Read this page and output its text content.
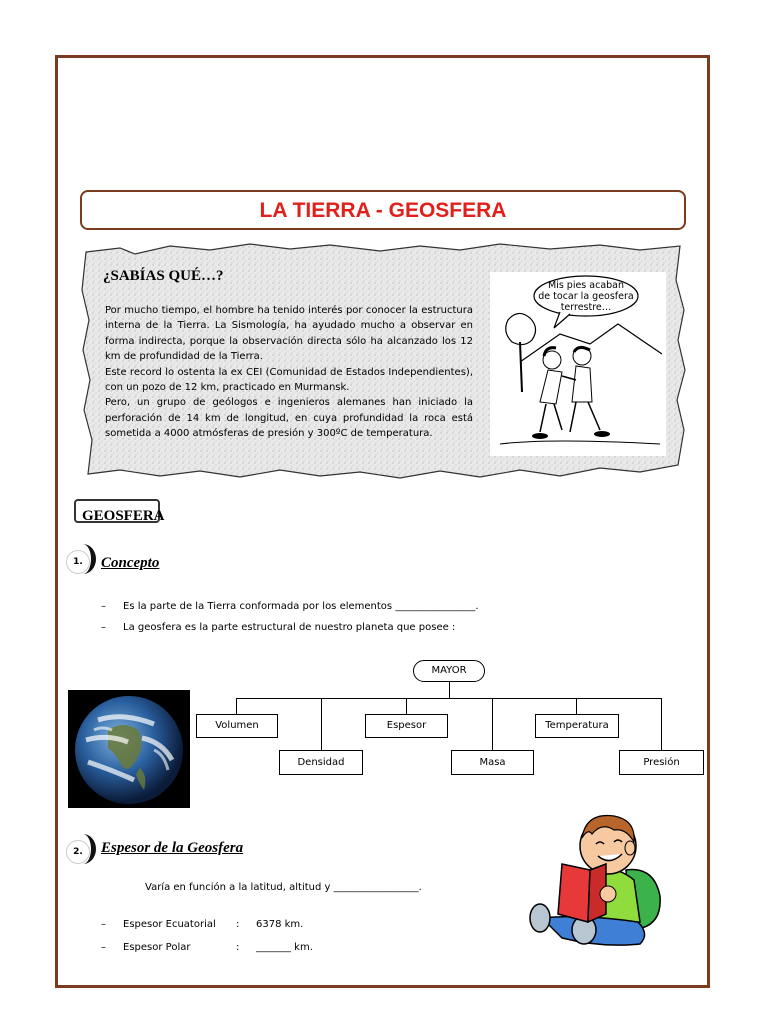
LA TIERRA - GEOSFERA
¿SABÍAS QUÉ…?

Por mucho tiempo, el hombre ha tenido interés por conocer la estructura interna de la Tierra. La Sismología, ha ayudado mucho a observar en forma indirecta, porque la observación directa sólo ha alcanzado los 12 km de profundidad de la Tierra.

Este record lo ostenta la ex CEI (Comunidad de Estados Independientes), con un pozo de 12 km, practicado en Murmansk.

Pero, un grupo de geólogos e ingenieros alemanes han iniciado la perforación de 14 km de longitud, en cuya profundidad la roca está sometida a 4000 atmósferas de presión y 300ºC de temperatura.

Mis pies acaban
de tocar la geosfera
terrestre…
GEOSFERA
1.	Concepto
– Es la parte de la Tierra conformada por los elementos ________________.
– La geosfera es la parte estructural de nuestro planeta que posee :
MAYOR
Volumen	Espesor	Temperatura
Densidad	Masa	Presión
2.	Espesor de la Geosfera
Varía en función a la latitud, altitud y _________________.
– Espesor Ecuatorial : 6378 km.
– Espesor Polar	: _______ km.
